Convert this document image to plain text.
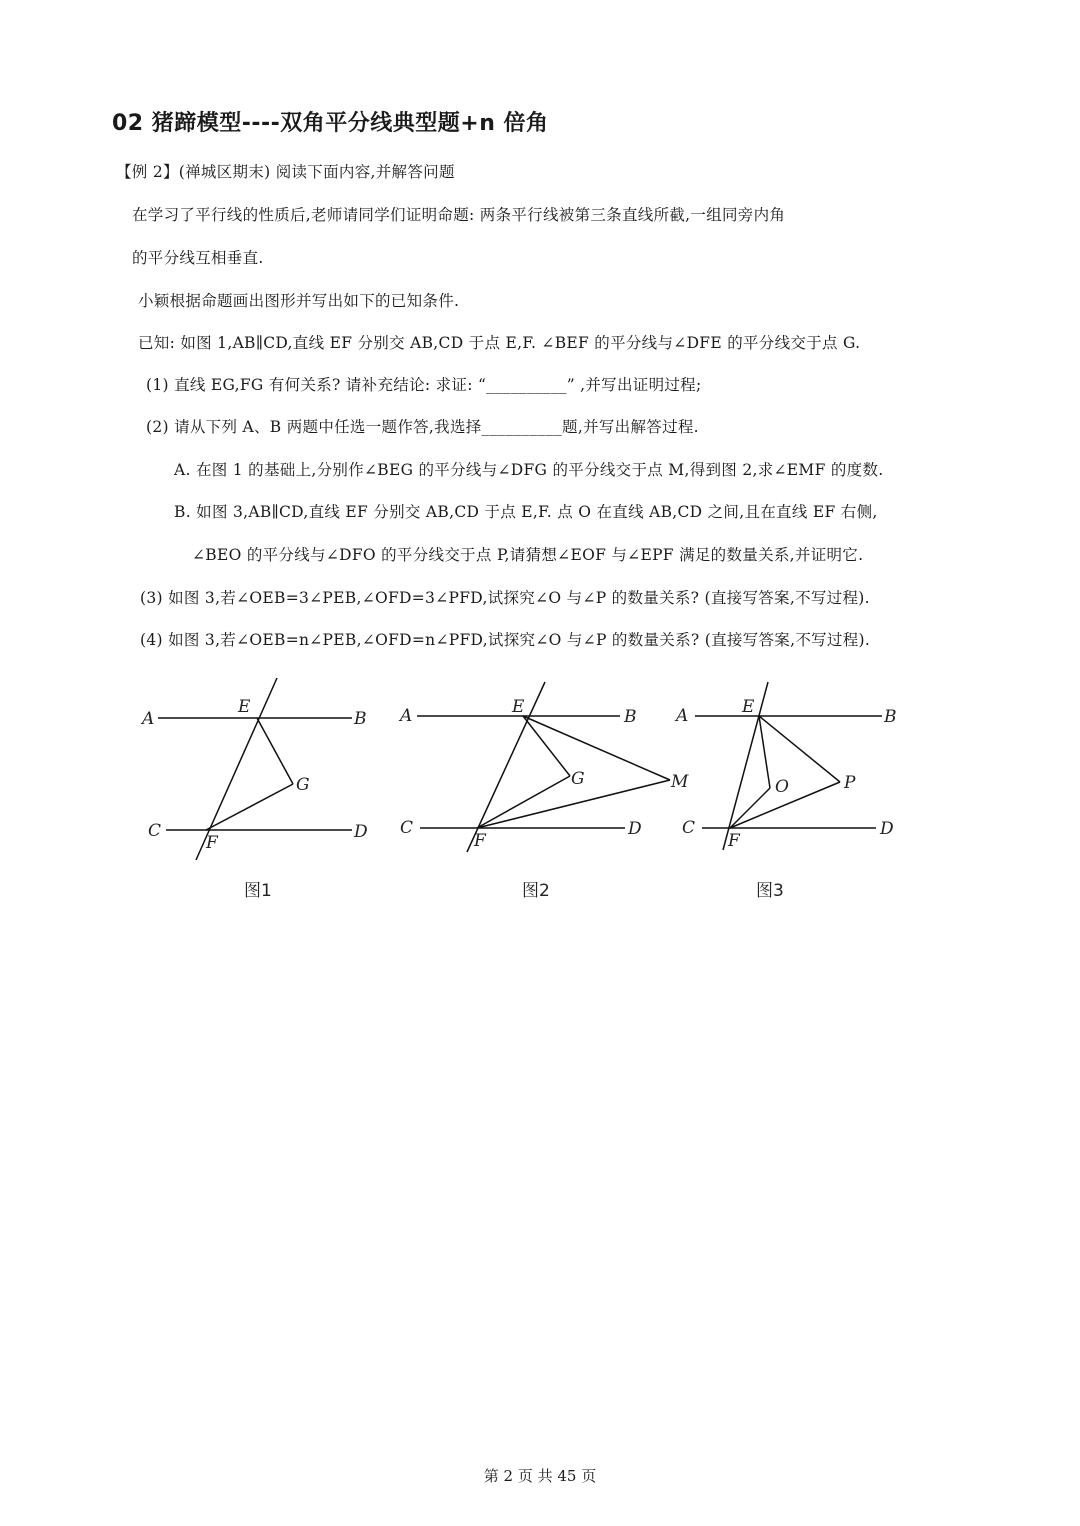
02 猪蹄模型----双角平分线典型题+n 倍角
【例 2】(禅城区期末) 阅读下面内容,并解答问题
在学习了平行线的性质后,老师请同学们证明命题: 两条平行线被第三条直线所截,一组同旁内角
的平分线互相垂直.
小颖根据命题画出图形并写出如下的已知条件.
已知: 如图 1,AB∥CD,直线 EF 分别交 AB,CD 于点 E,F. ∠BEF 的平分线与∠DFE 的平分线交于点 G.
(1) 直线 EG,FG 有何关系? 请补充结论: 求证: “__________” ,并写出证明过程;
(2) 请从下列 A、B 两题中任选一题作答,我选择__________题,并写出解答过程.
A. 在图 1 的基础上,分别作∠BEG 的平分线与∠DFG 的平分线交于点 M,得到图 2,求∠EMF 的度数.
B. 如图 3,AB∥CD,直线 EF 分别交 AB,CD 于点 E,F. 点 O 在直线 AB,CD 之间,且在直线 EF 右侧,
∠BEO 的平分线与∠DFO 的平分线交于点 P,请猜想∠EOF 与∠EPF 满足的数量关系,并证明它.
(3) 如图 3,若∠OEB=3∠PEB,∠OFD=3∠PFD,试探究∠O 与∠P 的数量关系? (直接写答案,不写过程).
(4) 如图 3,若∠OEB=n∠PEB,∠OFD=n∠PFD,试探究∠O 与∠P 的数量关系? (直接写答案,不写过程).
A	B
C	D
E
F
G
图1
A	B
C	D
E
F
G	M
图2
A	B
C	D
E
F
O	P
图3
第 2 页 共 45 页
